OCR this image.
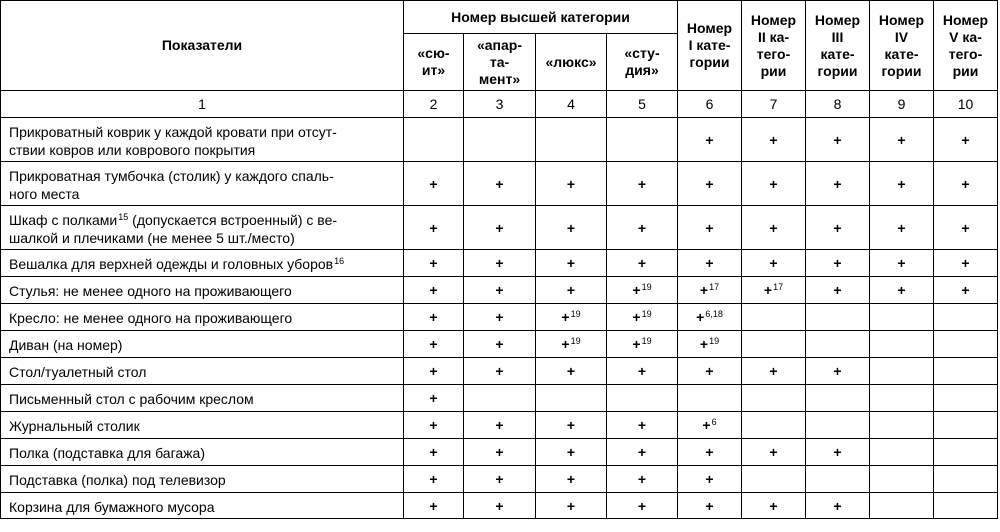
Показатели	Номер высшей категории				Номер
I кате-
гории	Номер
II ка-
тего-
рии	Номер
III
кате-
гории	Номер
IV
кате-
гории	Номер
V ка-
тего-
рии

	«сю-
ит»	«апар-
та-
мент»	«люкс»	«сту-
дия»					

1	2	3	4	5	6	7	8	9	10
Прикроватный коврик у каждой кровати при отсут-
ствии ковров или коврового покрытия					+	+	+	+	+
Прикроватная тумбочка (столик) у каждого спаль-
ного места	+	+	+	+	+	+	+	+	+
Шкаф с полками$^{15}$ (допускается встроенный) с ве-
шалкой и плечиками (не менее 5 шт./место)	+	+	+	+	+	+	+	+	+
Вешалка для верхней одежды и головных уборов$^{16}$	+	+	+	+	+	+	+	+	+
Стулья: не менее одного на проживающего	+	+	+	+$^{19}$	+$^{17}$	+$^{17}$	+	+	+
Кресло: не менее одного на проживающего	+	+	+$^{19}$	+$^{19}$	+$^{6,18}$				
Диван (на номер)	+	+	+$^{19}$	+$^{19}$	+$^{19}$				
Стол/туалетный стол	+	+	+	+	+	+	+		
Письменный стол с рабочим креслом	+								
Журнальный столик	+	+	+	+	+$^6$				
Полка (подставка для багажа)	+	+	+	+	+	+	+		
Подставка (полка) под телевизор	+	+	+	+	+				
Корзина для бумажного мусора	+	+	+	+	+	+	+		
